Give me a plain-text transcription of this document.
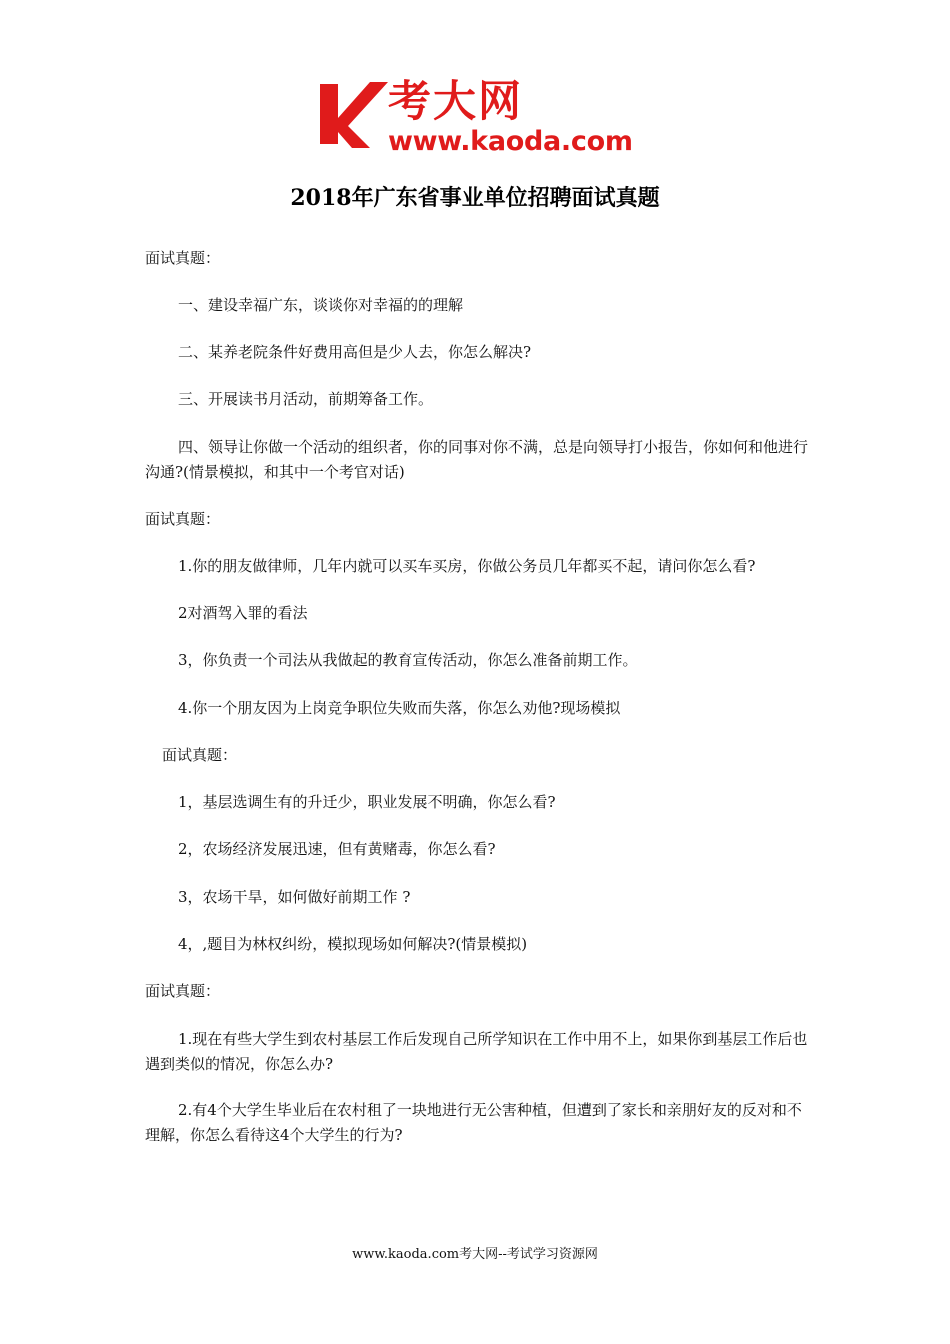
考大网
www.kaoda.com
2018年广东省事业单位招聘面试真题
面试真题：
一、建设幸福广东，谈谈你对幸福的的理解
二、某养老院条件好费用高但是少人去，你怎么解决?
三、开展读书月活动，前期筹备工作。
四、领导让你做一个活动的组织者，你的同事对你不满，总是向领导打小报告，你如何和他进行沟通?(情景模拟，和其中一个考官对话)
面试真题：
1.你的朋友做律师，几年内就可以买车买房，你做公务员几年都买不起，请问你怎么看?
2对酒驾入罪的看法
3，你负责一个司法从我做起的教育宣传活动，你怎么准备前期工作。
4.你一个朋友因为上岗竞争职位失败而失落，你怎么劝他?现场模拟
面试真题：
1，基层选调生有的升迁少，职业发展不明确，你怎么看?
2，农场经济发展迅速，但有黄赌毒，你怎么看?
3，农场干旱，如何做好前期工作 ?
4，,题目为林权纠纷，模拟现场如何解决?(情景模拟)
面试真题：
1.现在有些大学生到农村基层工作后发现自己所学知识在工作中用不上，如果你到基层工作后也遇到类似的情况，你怎么办?
2.有4个大学生毕业后在农村租了一块地进行无公害种植，但遭到了家长和亲朋好友的反对和不理解，你怎么看待这4个大学生的行为?
www.kaoda.com考大网--考试学习资源网
